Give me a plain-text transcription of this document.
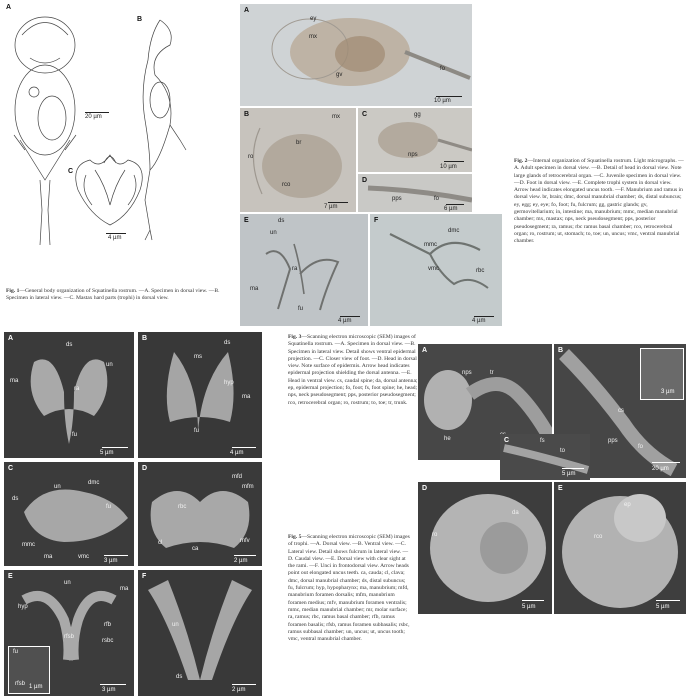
A
B
C
20 µm
4 µm
Fig. 1—General body organization of Squatinella rostrum. —A. Specimen in dorsal view. —B. Specimen in lateral view. —C. Mastax hard parts (trophi) in dorsal view.
A
ey
mx
gv
fo
10 µm
B	mx
br
ro
rco
7 µm
C	gg
nps
10 µm
D
pps	fo
6 µm
E	ds
un
ra
ma
fu
4 µm
F
dmc
mmc
vmc	rbc
4 µm
Fig. 2—Internal organization of Squatinella rostrum. Light micrographs. —A. Adult specimen in dorsal view. —B. Detail of head in dorsal view. Note large glands of retrocerebral organ. —C. Juvenile specimen in dorsal view. —D. Foot in dorsal view. —E. Complete trophi system in dorsal view. Arrow head indicates elongated uncus tooth. —F. Manubrium and ramus in dorsal view. br, brain; dmc, dorsal manubrial chamber; ds, distal subuncus; ey, egg; ey, eye; fo, foot; fu, fulcrum; gg, gastric glands; gv, germovitellarium; in, intestine; ma, manubrium; mmc, median manubrial chamber; mx, mastax; nps, neck pseudosegment; pps, posterior pseudosegment; ra, ramus; rbc ramus basal chamber; rco, retrocerebral organ; ro, rostrum; ut, stomach; to, toe; un, uncus; vmc, ventral manubrial chamber.
A
ds
un
ma
ra
fu
5 µm
B
ms
ds
hyp
ma
fu
4 µm
C
un
dmc
ds
fu
mmc
ma	vmc
3 µm
D
mfd
mfm
rbc
cl
ca
mfv
2 µm
E
un
ma
hyp
rfb
rfsb
rsbc
fu
rfsb 1 µm	3 µm
F
un
ds
2 µm
Fig. 3—Scanning electron microscopic (SEM) images of Squatinella rostrum. —A. Specimen in dorsal view. —B. Specimen in lateral view. Detail shows ventral epidermal projection. —C. Closer view of foot. —D. Head in dorsal view. Note surface of epidermis. Arrow head indicates epidermal projection shielding the dorsal antenna. —E. Head in ventral view. cs, caudal spine; da, dorsal antenna; ep, epidermal projection; fo, foot; fs, foot spine; he, head; nps, neck pseudosegment; pps, posterior pseudosegment; rco, retrocerebral organ; ro, rostrum; to, toe; tr, trunk.
Fig. 5—Scanning electron microscopic (SEM) images of trophi. —A. Dorsal view. —B. Ventral view. —C. Lateral view. Detail shows fulcrum in lateral view. —D. Caudal view. —E. Dorsal view with clear sight at the rami. —F. Unci in frontodorsal view. Arrow heads point out elongated uncus teeth. ca, cauda; cl, clava; dmc, dorsal manubrial chamber; ds, distal subuncus; fu, fulcrum; hyp, hypopharynx; ma, manubrium; mfd, manubrium foramen dorsalis; mfm, manubrium foramen medius; mfv, manubrium foramen ventralis; mmc, median manubrial chamber; mr, molar surface; ra, ramus; rbc, ramus basal chamber; rfb, ramus foramen basalis; rfsb, ramus foramen subbasalis; rsbc, ramus subbasal chamber; un, uncus; ut, uncus tooth; vmc, ventral manubrial chamber.
A
nps	tr
he
B
3 µm
cs
pps
fo
20 µm
C	fs
to
5 µm
D
da
ro
5 µm
E
ep
rco
5 µm
